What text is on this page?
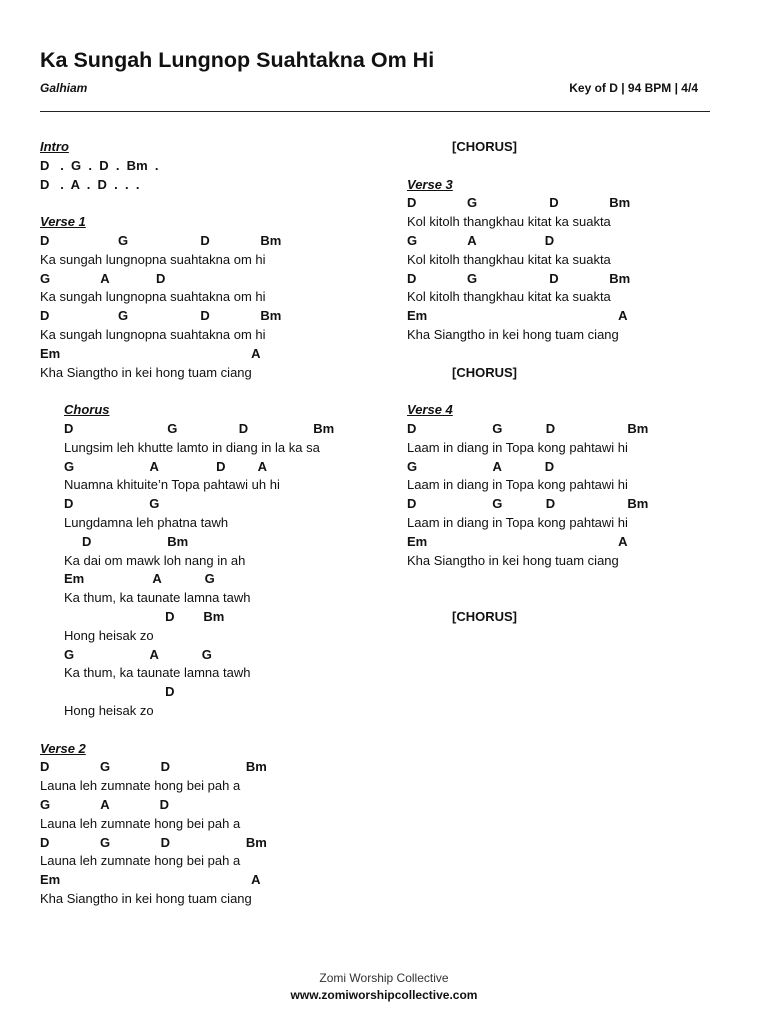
Ka Sungah Lungnop Suahtakna Om Hi
Galhiam	Key of D | 94 BPM | 4/4
Intro
D   .  G  .  D  .  Bm  .
D   .  A  .  D  .  .  .
Verse 1
D                   G                    D              Bm
Ka sungah lungnopna suahtakna om hi
G              A             D
Ka sungah lungnopna suahtakna om hi
D                   G                    D              Bm
Ka sungah lungnopna suahtakna om hi
Em                                                     A
Kha Siangtho in kei hong tuam ciang
Chorus
D                          G                 D                  Bm
Lungsim leh khutte lamto in diang in la ka sa
G                     A                D         A
Nuamna khituite’n Topa pahtawi uh hi
D                     G
Lungdamna leh phatna tawh
D                     Bm
Ka dai om mawk loh nang in ah
Em                   A            G
Ka thum, ka taunate lamna tawh
D        Bm
Hong heisak zo
G                     A            G
Ka thum, ka taunate lamna tawh
D
Hong heisak zo
Verse 2
D              G              D                     Bm
Launa leh zumnate hong bei pah a
G              A              D
Launa leh zumnate hong bei pah a
D              G              D                     Bm
Launa leh zumnate hong bei pah a
Em                                                     A
Kha Siangtho in kei hong tuam ciang
[CHORUS]
Verse 3
D              G                    D              Bm
Kol kitolh thangkhau kitat ka suakta
G              A                   D
Kol kitolh thangkhau kitat ka suakta
D              G                    D              Bm
Kol kitolh thangkhau kitat ka suakta
Em                                                     A
Kha Siangtho in kei hong tuam ciang
[CHORUS]
Verse 4
D                     G            D                    Bm
Laam in diang in Topa kong pahtawi hi
G                     A            D
Laam in diang in Topa kong pahtawi hi
D                     G            D                    Bm
Laam in diang in Topa kong pahtawi hi
Em                                                     A
Kha Siangtho in kei hong tuam ciang
[CHORUS]
Zomi Worship Collective
www.zomiworshipcollective.com
